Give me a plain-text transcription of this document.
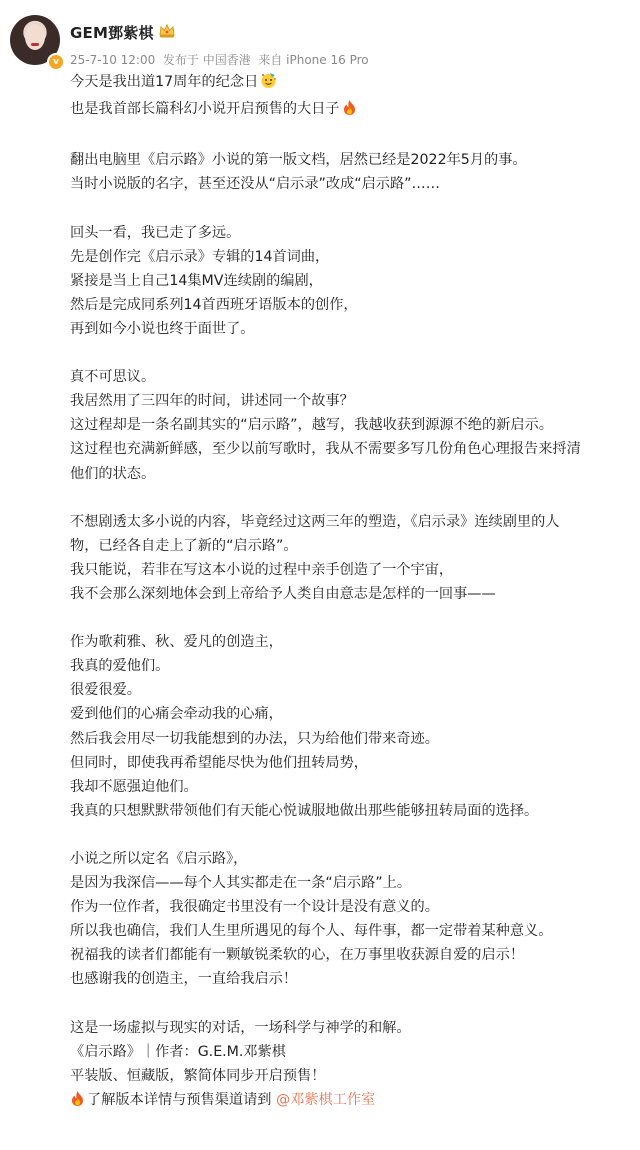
v
GEM鄧紫棋
25-7-10 12:00 发布于 中国香港 来自 iPhone 16 Pro
今天是我出道17周年的纪念日
也是我首部长篇科幻小说开启预售的大日子
翻出电脑里《启示路》小说的第一版文档，居然已经是2022年5月的事。
当时小说版的名字，甚至还没从“启示录”改成“启示路”……
回头一看，我已走了多远。
先是创作完《启示录》专辑的14首词曲，
紧接是当上自己14集MV连续剧的编剧，
然后是完成同系列14首西班牙语版本的创作，
再到如今小说也终于面世了。
真不可思议。
我居然用了三四年的时间，讲述同一个故事？
这过程却是一条名副其实的“启示路”，越写，我越收获到源源不绝的新启示。
这过程也充满新鲜感，至少以前写歌时，我从不需要多写几份角色心理报告来捋清
他们的状态。
不想剧透太多小说的内容，毕竟经过这两三年的塑造，《启示录》连续剧里的人
物，已经各自走上了新的“启示路”。
我只能说，若非在写这本小说的过程中亲手创造了一个宇宙，
我不会那么深刻地体会到上帝给予人类自由意志是怎样的一回事——
作为歌莉雅、秋、爱凡的创造主，
我真的爱他们。
很爱很爱。
爱到他们的心痛会牵动我的心痛，
然后我会用尽一切我能想到的办法，只为给他们带来奇迹。
但同时，即使我再希望能尽快为他们扭转局势，
我却不愿强迫他们。
我真的只想默默带领他们有天能心悦诚服地做出那些能够扭转局面的选择。
小说之所以定名《启示路》，
是因为我深信——每个人其实都走在一条“启示路”上。
作为一位作者，我很确定书里没有一个设计是没有意义的。
所以我也确信，我们人生里所遇见的每个人、每件事，都一定带着某种意义。
祝福我的读者们都能有一颗敏锐柔软的心，在万事里收获源自爱的启示！
也感谢我的创造主，一直给我启示！
这是一场虚拟与现实的对话，一场科学与神学的和解。
《启示路》｜作者：G.E.M.邓紫棋
平装版、恒藏版，繁简体同步开启预售！
了解版本详情与预售渠道请到 @邓紫棋工作室
